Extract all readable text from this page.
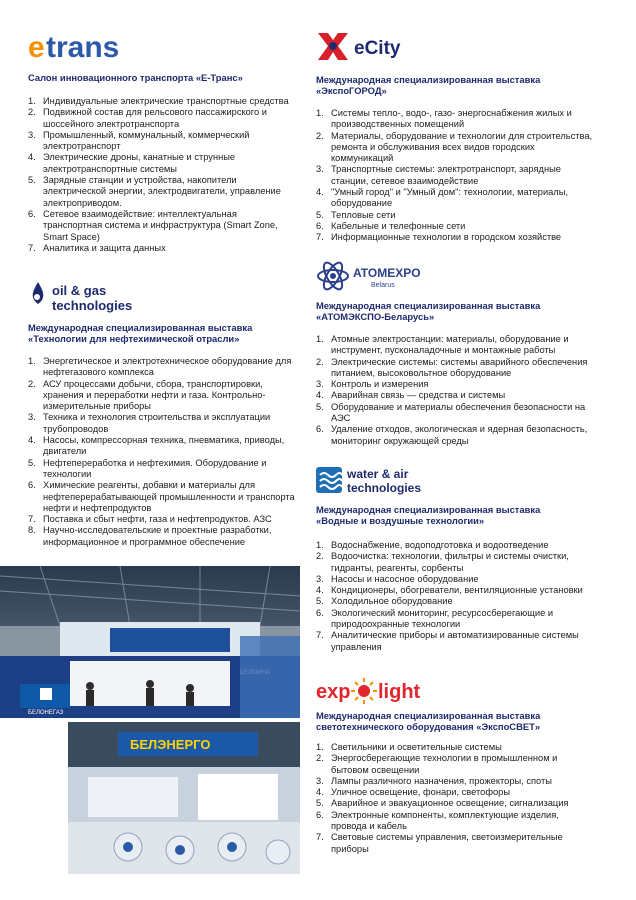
e trans
Салон инновационного транспорта «Е-Транс»
1. Индивидуальные электрические транспортные средства
2. Подвижной состав для рельсового пассажирского и шоссейного электротранспорта
3. Промышленный, коммунальный, коммерческий электротранспорт
4. Электрические дроны, канатные и струнные электротранспортные системы
5. Зарядные станции и устройства, накопители электрической энергии, электродвигатели, управление электроприводом.
6. Сетевое взаимодействие: интеллектуальная транспортная система и инфраструктура (Smart Zone, Smart Space)
7. Аналитика и защита данных
oil & gas
technologies
Международная специализированная выставка
«Технологии для нефтехимической отрасли»
1. Энергетическое и электротехническое оборудование для нефтегазового комплекса
2. АСУ процессами добычи, сбора, транспортировки, хранения и переработки нефти и газа. Контрольно-измерительные приборы
3. Техника и технология строительства и эксплуатации трубопроводов
4. Насосы, компрессорная техника, пневматика, приводы, двигатели
5. Нефтепереработка и нефтехимия. Оборудование и технологии
6. Химические реагенты, добавки и материалы для нефтеперерабатывающей промышленности и транспорта нефти и нефтепродуктов
7. Поставка и сбыт нефти, газа и нефтепродуктов. АЗС
8. Научно-исследовательские и проектные разработки, информационное и программное обеспечение
БЕЛОНЕГАЗ
БЕЛЭНЕРГО
eCity
Международная специализированная выставка
«ЭкспоГОРОД»
1. Системы тепло-, водо-, газо- энергоснабжения жилых и производственных помещений
2. Материалы, оборудование и технологии для строительства, ремонта и обслуживания всех видов городских коммуникаций
3. Транспортные системы: электротранспорт, зарядные станции, сетевое взаимодействие
4. "Умный город" и "Умный дом": технологии, материалы, оборудование
5. Тепловые сети
6. Кабельные и телефонные сети
7. Информационные технологии в городском хозяйстве
ATOMEXPO
Belarus
Международная специализированная выставка
«АТОМЭКСПО-Беларусь»
1. Атомные электростанции: материалы, оборудование и инструмент, пусконаладочные и монтажные работы
2. Электрические системы: системы аварийного обеспечения питанием, высоковольтное оборудование
3. Контроль и измерения
4. Аварийная связь — средства и системы
5. Оборудование и материалы обеспечения безопасности на АЭС
6. Удаление отходов, экологическая и ядерная безопасность, мониторинг окружающей среды
water & air
technologies
Международная специализированная выставка
«Водные и воздушные технологии»
1. Водоснабжение, водоподготовка и водоотведение
2. Водоочистка: технологии, фильтры и системы очистки, гидранты, реагенты, сорбенты
3. Насосы и насосное оборудование
4. Кондиционеры, обогреватели, вентиляционные установки
5. Холодильное оборудование
6. Экологический мониторинг, ресурсосберегающие и природоохранные технологии
7. Аналитические приборы и автоматизированные системы управления
exp light
Международная специализированная выставка
светотехнического оборудования «ЭкспоСВЕТ»
1. Светильники и осветительные системы
2. Энергосберегающие технологии в промышленном и бытовом освещении
3. Лампы различного назначения, прожекторы, споты
4. Уличное освещение, фонари, светофоры
5. Аварийное и эвакуационное освещение, сигнализация
6. Электронные компоненты, комплектующие изделия, провода и кабель
7. Световые системы управления, светоизмерительные приборы
